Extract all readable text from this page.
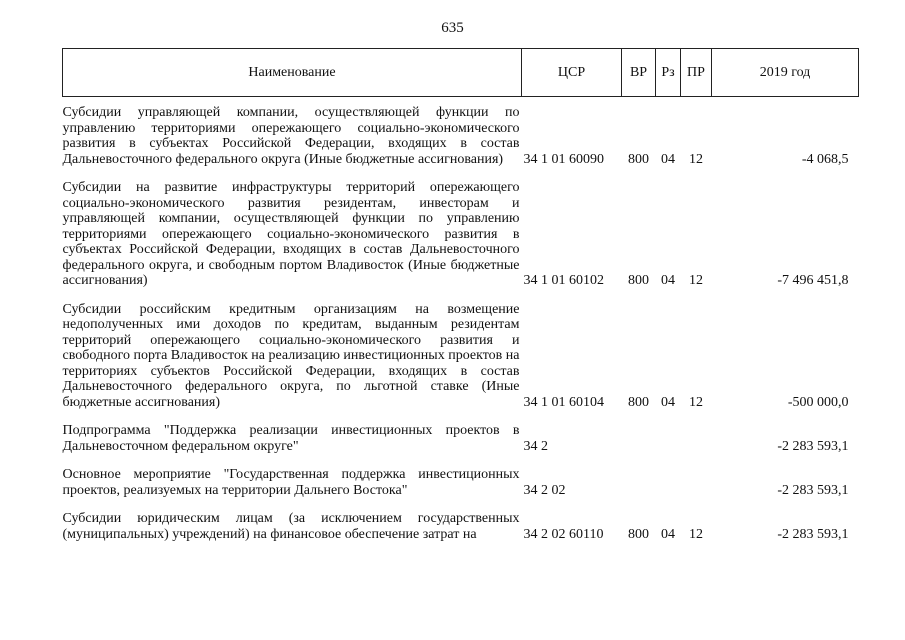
635
Наименование	ЦСР	ВР	Рз	ПР	2019 год
Субсидии управляющей компании, осуществляющей функции по управлению территориями опережающего социально-экономического развития в субъектах Российской Федерации, входящих в состав Дальневосточного федерального округа (Иные бюджетные ассигнования)	34 1 01 60090	800	04	12	-4 068,5
Субсидии на развитие инфраструктуры территорий опережающего социально-экономического развития резидентам, инвесторам и управляющей компании, осуществляющей функции по управлению территориями опережающего социально-экономического развития в субъектах Российской Федерации, входящих в состав Дальневосточного федерального округа, и свободным портом Владивосток (Иные бюджетные ассигнования)	34 1 01 60102	800	04	12	-7 496 451,8
Субсидии российским кредитным организациям на возмещение недополученных ими доходов по кредитам, выданным резидентам территорий опережающего социально-экономического развития и свободного порта Владивосток на реализацию инвестиционных проектов на территориях субъектов Российской Федерации, входящих в состав Дальневосточного федерального округа, по льготной ставке (Иные бюджетные ассигнования)	34 1 01 60104	800	04	12	-500 000,0
Подпрограмма "Поддержка реализации инвестиционных проектов в Дальневосточном федеральном округе"	34 2				-2 283 593,1
Основное мероприятие "Государственная поддержка инвестиционных проектов, реализуемых на территории Дальнего Востока"	34 2 02				-2 283 593,1
Субсидии юридическим лицам (за исключением государственных (муниципальных) учреждений) на финансовое обеспечение затрат на	34 2 02 60110	800	04	12	-2 283 593,1
